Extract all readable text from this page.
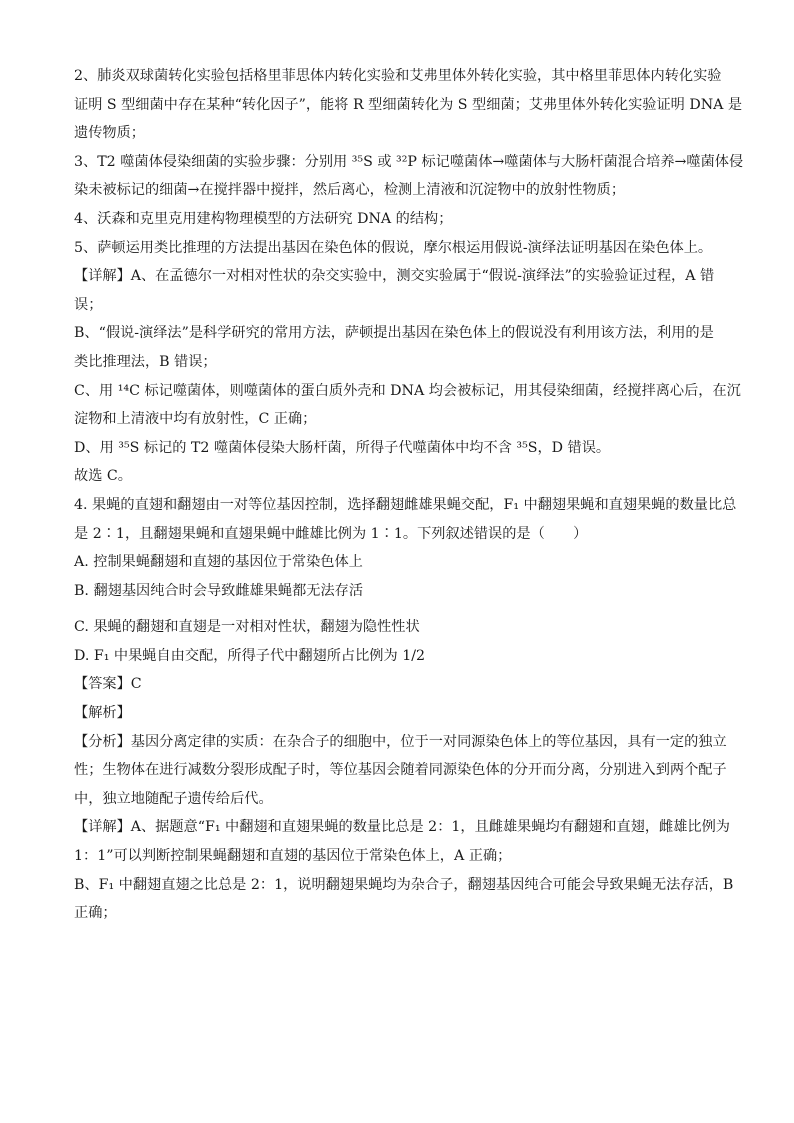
2、肺炎双球菌转化实验包括格里菲思体内转化实验和艾弗里体外转化实验，其中格里菲思体内转化实验
证明 S 型细菌中存在某种“转化因子”，能将 R 型细菌转化为 S 型细菌；艾弗里体外转化实验证明 DNA 是
遗传物质；
3、T2 噬菌体侵染细菌的实验步骤：分别用 ³⁵S 或 ³²P 标记噬菌体→噬菌体与大肠杆菌混合培养→噬菌体侵
染未被标记的细菌→在搅拌器中搅拌，然后离心，检测上清液和沉淀物中的放射性物质；
4、沃森和克里克用建构物理模型的方法研究 DNA 的结构；
5、萨顿运用类比推理的方法提出基因在染色体的假说，摩尔根运用假说-演绎法证明基因在染色体上。
【详解】A、在孟德尔一对相对性状的杂交实验中，测交实验属于“假说-演绎法”的实验验证过程，A 错
误；
B、“假说-演绎法”是科学研究的常用方法，萨顿提出基因在染色体上的假说没有利用该方法，利用的是
类比推理法，B 错误；
C、用 ¹⁴C 标记噬菌体，则噬菌体的蛋白质外壳和 DNA 均会被标记，用其侵染细菌，经搅拌离心后，在沉
淀物和上清液中均有放射性，C 正确；
D、用 ³⁵S 标记的 T2 噬菌体侵染大肠杆菌，所得子代噬菌体中均不含 ³⁵S，D 错误。
故选 C。
4. 果蝇的直翅和翻翅由一对等位基因控制，选择翻翅雌雄果蝇交配，F₁ 中翻翅果蝇和直翅果蝇的数量比总
是 2∶1，且翻翅果蝇和直翅果蝇中雌雄比例为 1∶1。下列叙述错误的是（　　）
A. 控制果蝇翻翅和直翅的基因位于常染色体上
B. 翻翅基因纯合时会导致雌雄果蝇都无法存活
C. 果蝇的翻翅和直翅是一对相对性状，翻翅为隐性性状
D. F₁ 中果蝇自由交配，所得子代中翻翅所占比例为 1/2
【答案】C
【解析】
【分析】基因分离定律的实质：在杂合子的细胞中，位于一对同源染色体上的等位基因，具有一定的独立
性；生物体在进行减数分裂形成配子时，等位基因会随着同源染色体的分开而分离，分别进入到两个配子
中，独立地随配子遗传给后代。
【详解】A、据题意“F₁ 中翻翅和直翅果蝇的数量比总是 2：1，且雌雄果蝇均有翻翅和直翅，雌雄比例为
1：1”可以判断控制果蝇翻翅和直翅的基因位于常染色体上，A 正确；
B、F₁ 中翻翅直翅之比总是 2：1，说明翻翅果蝇均为杂合子，翻翅基因纯合可能会导致果蝇无法存活，B
正确；
